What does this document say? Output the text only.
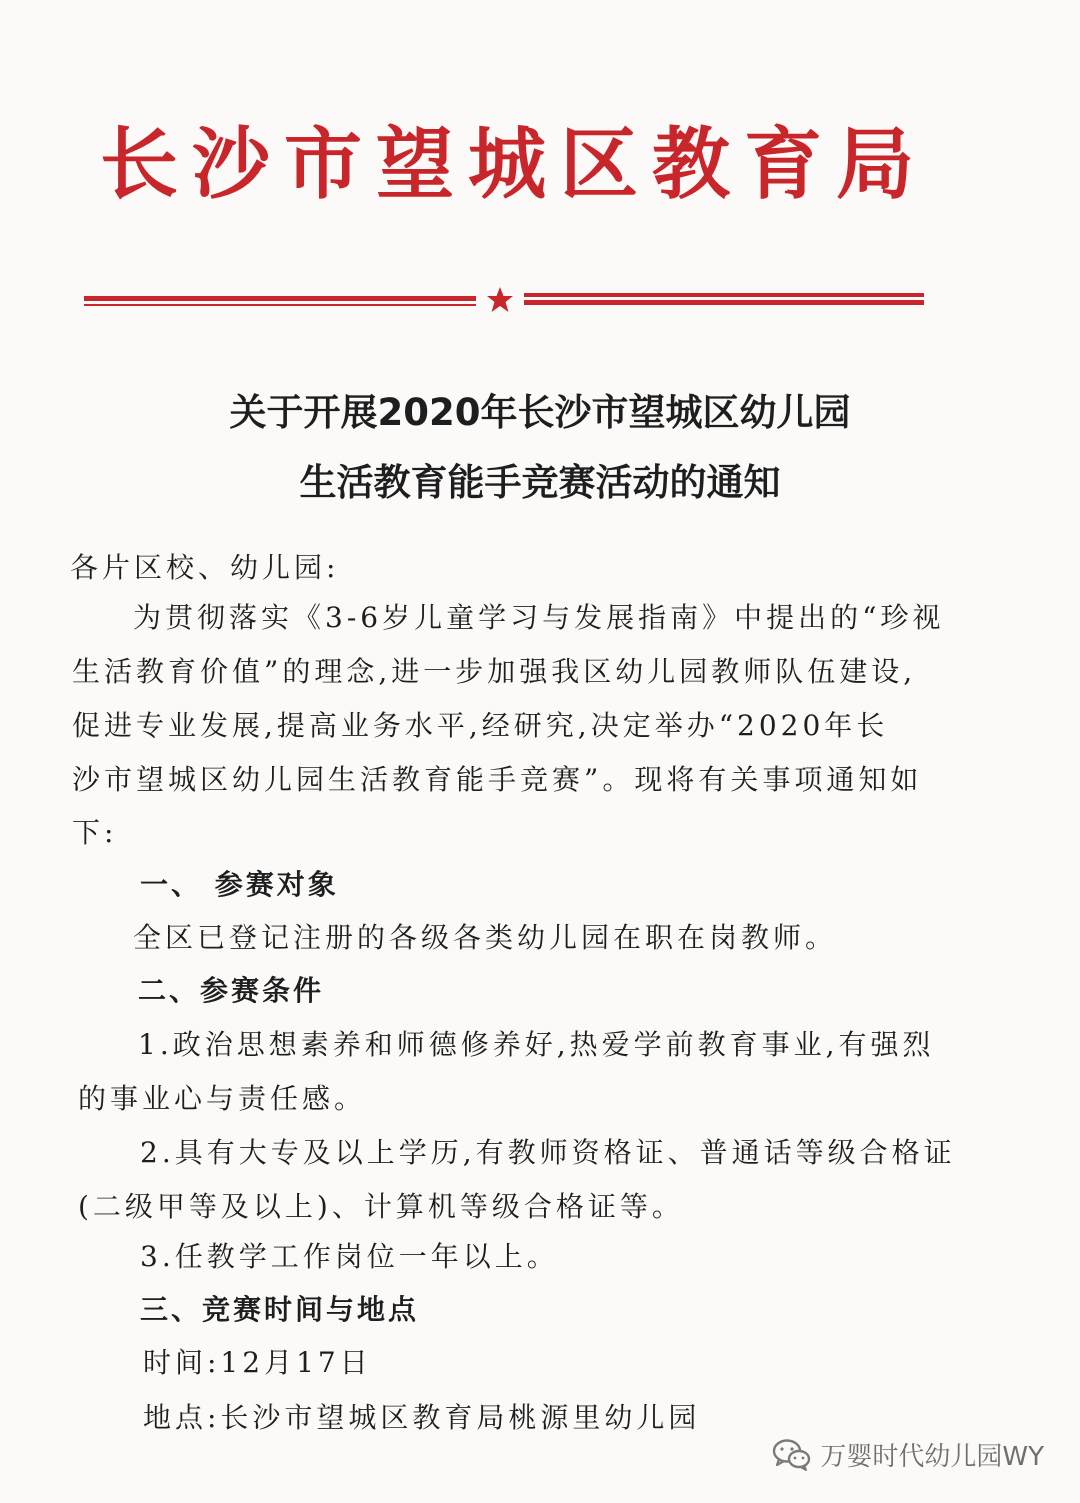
长沙市望城区教育局
关于开展2020年长沙市望城区幼儿园
生活教育能手竞赛活动的通知
各片区校、幼儿园:
为贯彻落实《3-6岁儿童学习与发展指南》中提出的“珍视
生活教育价值”的理念,进一步加强我区幼儿园教师队伍建设,
促进专业发展,提高业务水平,经研究,决定举办“2020年长
沙市望城区幼儿园生活教育能手竞赛”。现将有关事项通知如
下:
一、 参赛对象
全区已登记注册的各级各类幼儿园在职在岗教师。
二、参赛条件
1.政治思想素养和师德修养好,热爱学前教育事业,有强烈
的事业心与责任感。
2.具有大专及以上学历,有教师资格证、普通话等级合格证
(二级甲等及以上)、计算机等级合格证等。
3.任教学工作岗位一年以上。
三、竞赛时间与地点
时间:12月17日
地点:长沙市望城区教育局桃源里幼儿园
万婴时代幼儿园WY
